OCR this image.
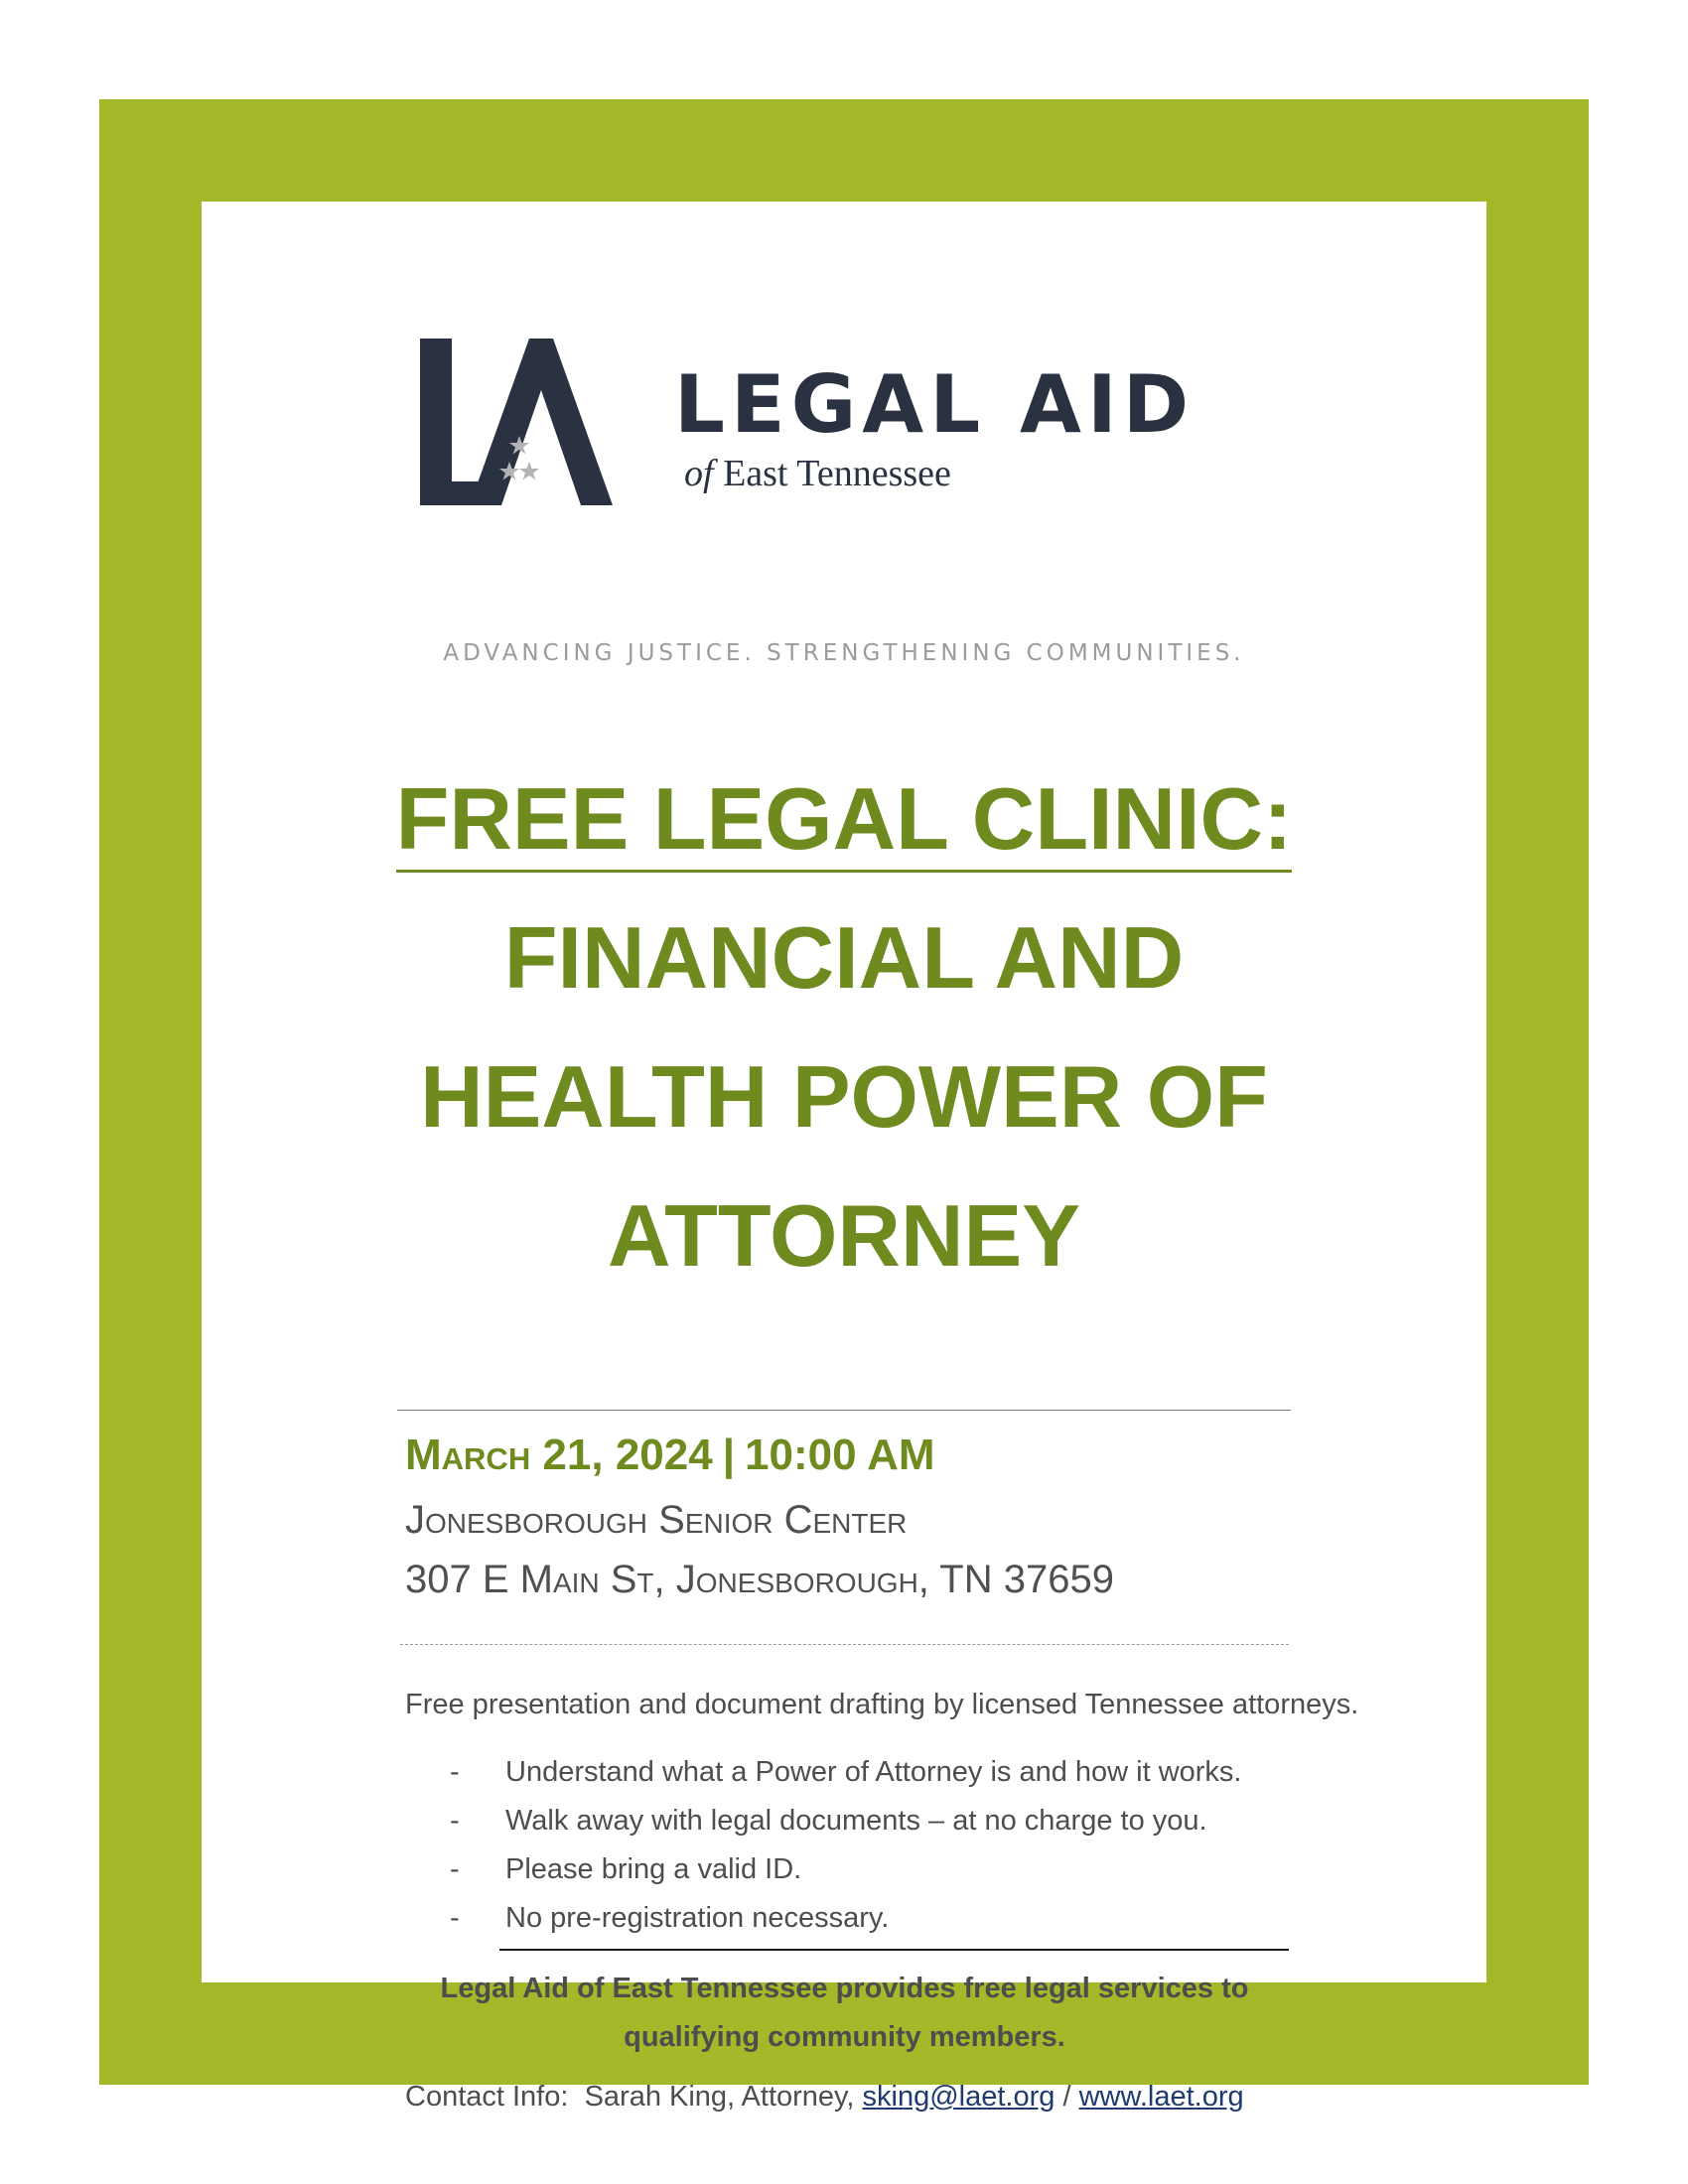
LEGAL AID
of East Tennessee
ADVANCING JUSTICE. STRENGTHENING COMMUNITIES.
FREE LEGAL CLINIC:
FINANCIAL AND
HEALTH POWER OF
ATTORNEY
March 21, 2024 | 10:00 AM
Jonesborough Senior Center
307 E Main St, Jonesborough, TN 37659
Free presentation and document drafting by licensed Tennessee attorneys.
- Understand what a Power of Attorney is and how it works.
- Walk away with legal documents – at no charge to you.
- Please bring a valid ID.
- No pre-registration necessary.
Legal Aid of East Tennessee provides free legal services to qualifying community members.
Contact Info: Sarah King, Attorney, sking@laet.org / www.laet.org
